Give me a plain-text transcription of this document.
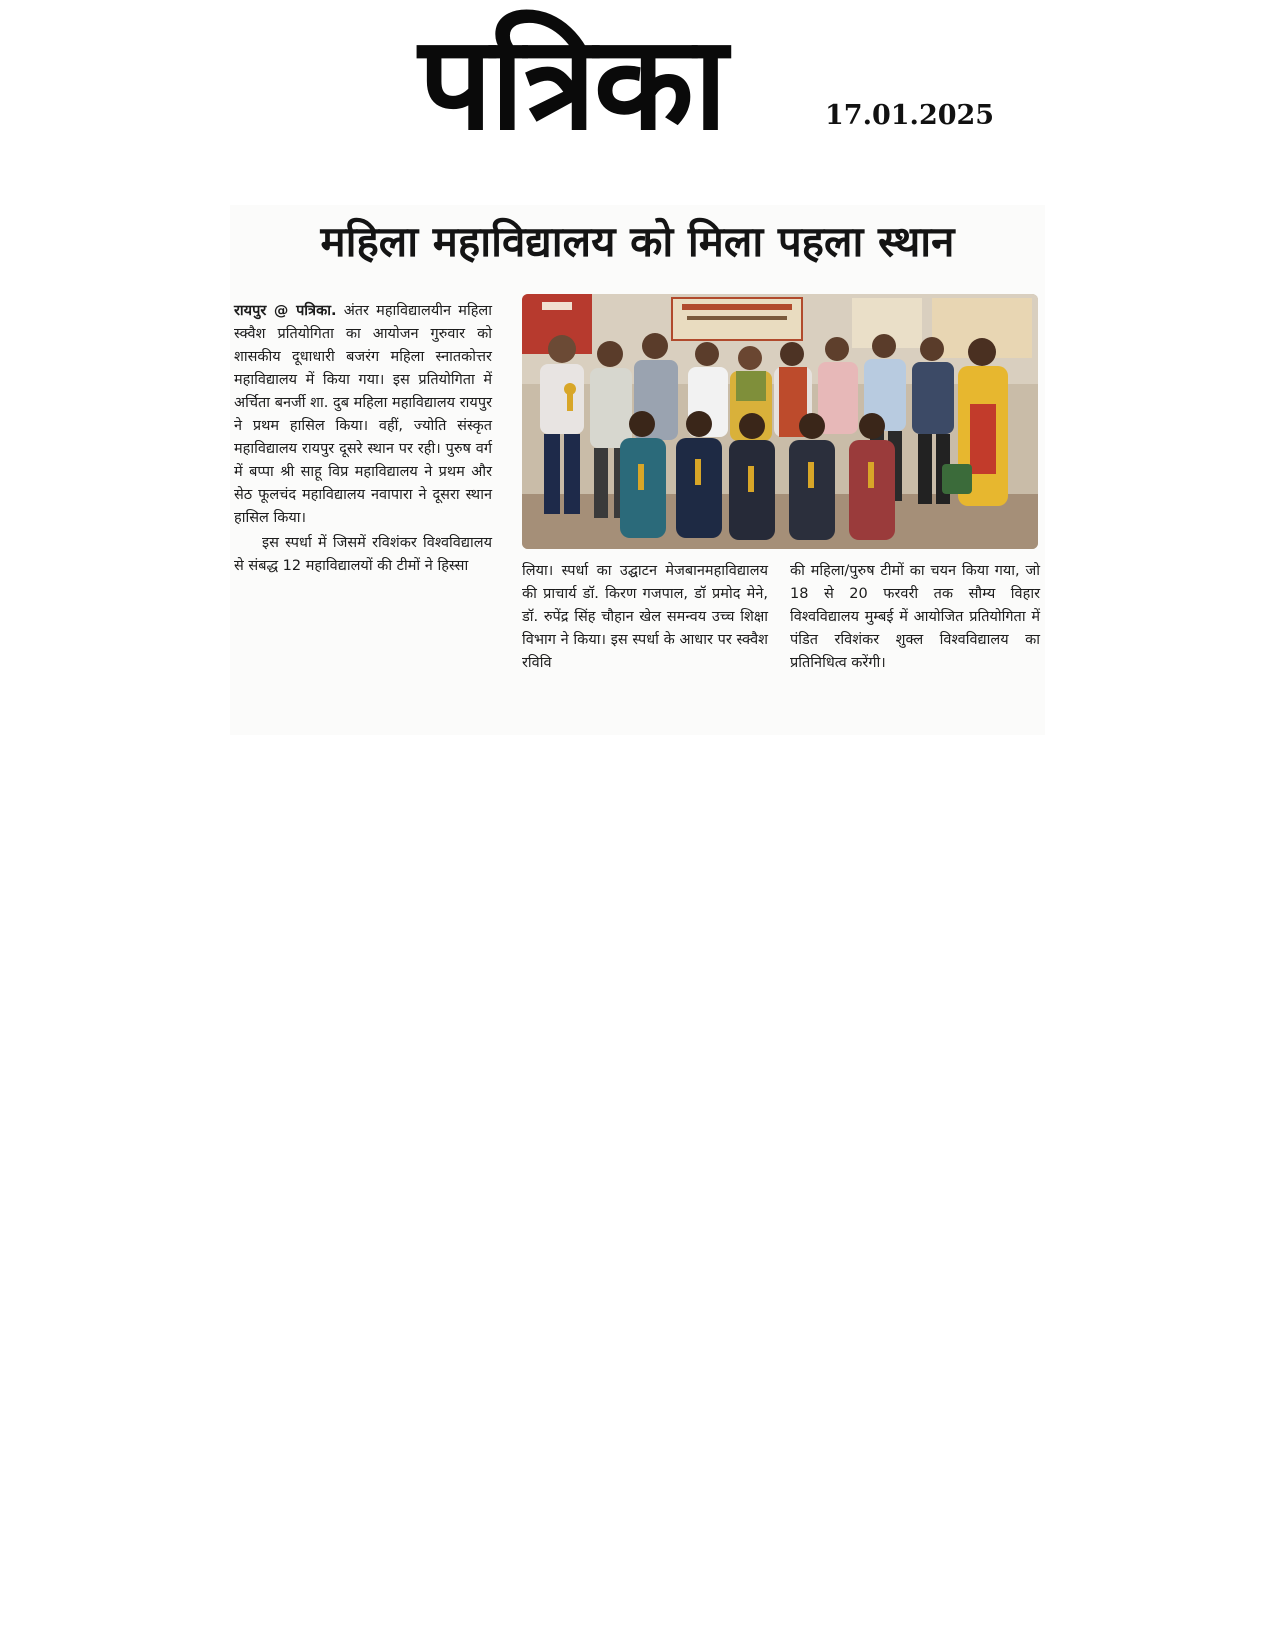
पत्रिका	17.01.2025
महिला महाविद्यालय को मिला पहला स्थान

रायपुर @ पत्रिका. अंतर महाविद्यालयीन महिला स्क्वैश प्रतियोगिता का आयोजन गुरुवार को शासकीय दूधाधारी बजरंग महिला स्नातकोत्तर महाविद्यालय में किया गया। इस प्रतियोगिता में अर्चिता बनर्जी शा. दुब महिला महाविद्यालय रायपुर ने प्रथम हासिल किया। वहीं, ज्योति संस्कृत महाविद्यालय रायपुर दूसरे स्थान पर रही। पुरुष वर्ग में बप्पा श्री साहू विप्र महाविद्यालय ने प्रथम और सेठ फूलचंद महाविद्यालय नवापारा ने दूसरा स्थान हासिल किया।

इस स्पर्धा में जिसमें रविशंकर विश्वविद्यालय से संबद्ध 12 महाविद्यालयों की टीमों ने हिस्सा	लिया। स्पर्धा का उद्घाटन मेजबानमहाविद्यालय की प्राचार्य डॉ. किरण गजपाल, डॉ प्रमोद मेने, डॉ. रुपेंद्र सिंह चौहान खेल समन्वय उच्च शिक्षा विभाग ने किया। इस स्पर्धा के आधार पर स्क्वैश रविवि

की महिला/पुरुष टीमों का चयन किया गया, जो 18 से 20 फरवरी तक सौम्य विहार विश्वविद्यालय मुम्बई में आयोजित प्रतियोगिता में पंडित रविशंकर शुक्ल विश्वविद्यालय का प्रतिनिधित्व करेंगी।
